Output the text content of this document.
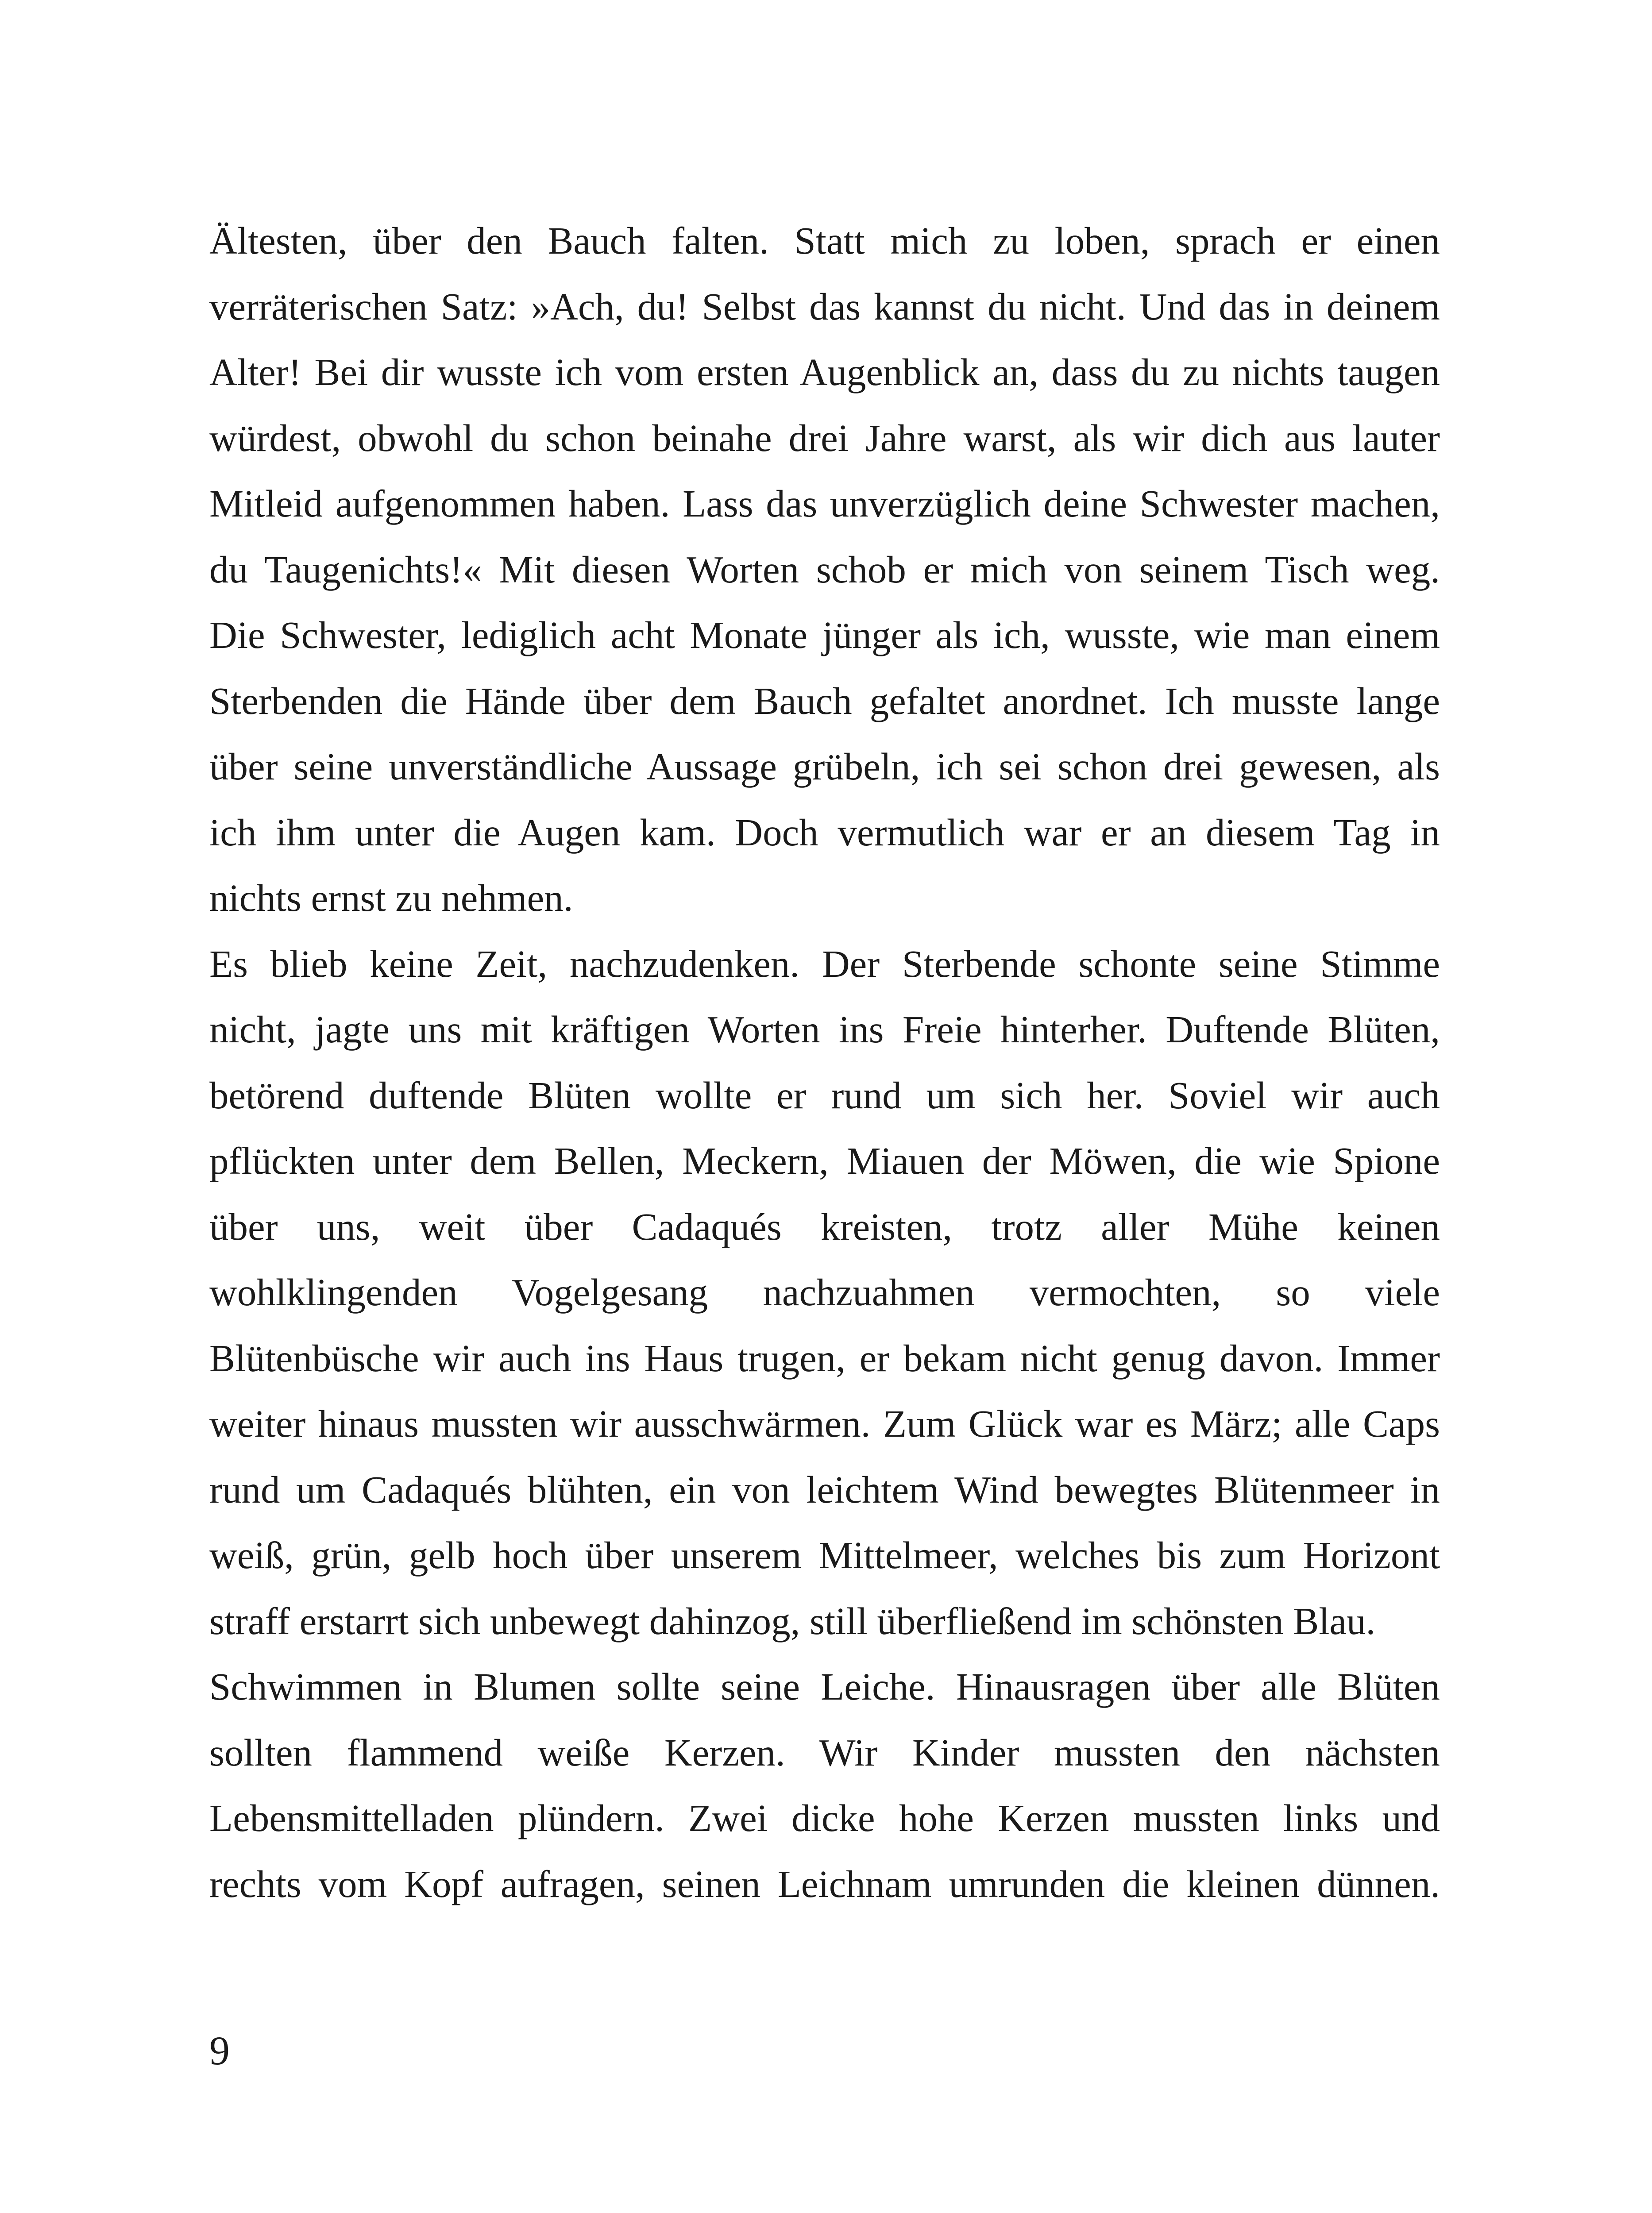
Ältesten, über den Bauch falten. Statt mich zu loben, sprach er einen
verräterischen Satz: »Ach, du! Selbst das kannst du nicht. Und das in deinem
Alter! Bei dir wusste ich vom ersten Augenblick an, dass du zu nichts taugen
würdest, obwohl du schon beinahe drei Jahre warst, als wir dich aus lauter
Mitleid aufgenommen haben. Lass das unverzüglich deine Schwester machen,
du Taugenichts!« Mit diesen Worten schob er mich von seinem Tisch weg.
Die Schwester, lediglich acht Monate jünger als ich, wusste, wie man einem
Sterbenden die Hände über dem Bauch gefaltet anordnet. Ich musste lange
über seine unverständliche Aussage grübeln, ich sei schon drei gewesen, als
ich ihm unter die Augen kam. Doch vermutlich war er an diesem Tag in
nichts ernst zu nehmen.
Es blieb keine Zeit, nachzudenken. Der Sterbende schonte seine Stimme
nicht, jagte uns mit kräftigen Worten ins Freie hinterher. Duftende Blüten,
betörend duftende Blüten wollte er rund um sich her. Soviel wir auch
pflückten unter dem Bellen, Meckern, Miauen der Möwen, die wie Spione
über uns, weit über Cadaqués kreisten, trotz aller Mühe keinen
wohlklingenden Vogelgesang nachzuahmen vermochten, so viele
Blütenbüsche wir auch ins Haus trugen, er bekam nicht genug davon. Immer
weiter hinaus mussten wir ausschwärmen. Zum Glück war es März; alle Caps
rund um Cadaqués blühten, ein von leichtem Wind bewegtes Blütenmeer in
weiß, grün, gelb hoch über unserem Mittelmeer, welches bis zum Horizont
straff erstarrt sich unbewegt dahinzog, still überfließend im schönsten Blau.
Schwimmen in Blumen sollte seine Leiche. Hinausragen über alle Blüten
sollten flammend weiße Kerzen. Wir Kinder mussten den nächsten
Lebensmittelladen plündern. Zwei dicke hohe Kerzen mussten links und
rechts vom Kopf aufragen, seinen Leichnam umrunden die kleinen dünnen.
9
